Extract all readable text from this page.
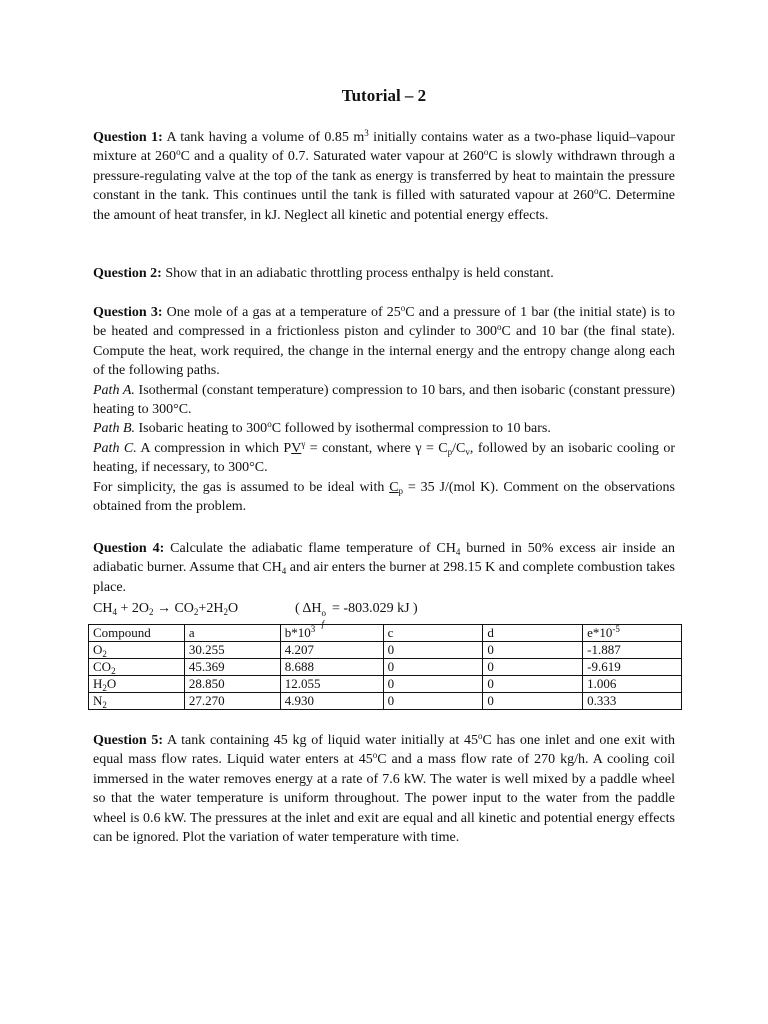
Tutorial – 2

Question 1: A tank having a volume of 0.85 $m^3$ initially contains water as a two-phase liquid–vapour mixture at 260$^o$C and a quality of 0.7. Saturated water vapour at 260$^o$C is slowly withdrawn through a pressure-regulating valve at the top of the tank as energy is transferred by heat to maintain the pressure constant in the tank. This continues until the tank is filled with saturated vapour at 260$^o$C. Determine the amount of heat transfer, in kJ. Neglect all kinetic and potential energy effects.

Question 2: Show that in an adiabatic throttling process enthalpy is held constant.

Question 3: One mole of a gas at a temperature of 25$^o$C and a pressure of 1 bar (the initial state) is to be heated and compressed in a frictionless piston and cylinder to 300$^o$C and 10 bar (the final state). Compute the heat, work required, the change in the internal energy and the entropy change along each of the following paths.

Path A. Isothermal (constant temperature) compression to 10 bars, and then isobaric (constant pressure) heating to 300°C.

Path B. Isobaric heating to 300$^o$C followed by isothermal compression to 10 bars.

Path C. A compression in which $PV^\gamma$ = constant, where $\gamma = C_p/C_v$, followed by an isobaric cooling or heating, if necessary, to 300°C.

For simplicity, the gas is assumed to be ideal with $C_p = 35$ J/(mol K). Comment on the observations obtained from the problem.

Question 4: Calculate the adiabatic flame temperature of $CH_4$ burned in 50% excess air inside an adiabatic burner. Assume that $CH_4$ and air enters the burner at 298.15 K and complete combustion takes place.

$CH_4 + 2O_2 \to CO_2+2H_2O$	( ΔH o
f
= -803.029 kJ )
Compound	a	$b*10^3$	c	d	$e*10^{-5}$
$O_2$	30.255	4.207	0	0	-1.887
$CO_2$	45.369	8.688	0	0	-9.619
$H_2O$	28.850	12.055	0	0	1.006
$N_2$	27.270	4.930	0	0	0.333

Question 5: A tank containing 45 kg of liquid water initially at 45$^o$C has one inlet and one exit with equal mass flow rates. Liquid water enters at 45$^o$C and a mass flow rate of 270 kg/h. A cooling coil immersed in the water removes energy at a rate of 7.6 kW. The water is well mixed by a paddle wheel so that the water temperature is uniform throughout. The power input to the water from the paddle wheel is 0.6 kW. The pressures at the inlet and exit are equal and all kinetic and potential energy effects can be ignored. Plot the variation of water temperature with time.
